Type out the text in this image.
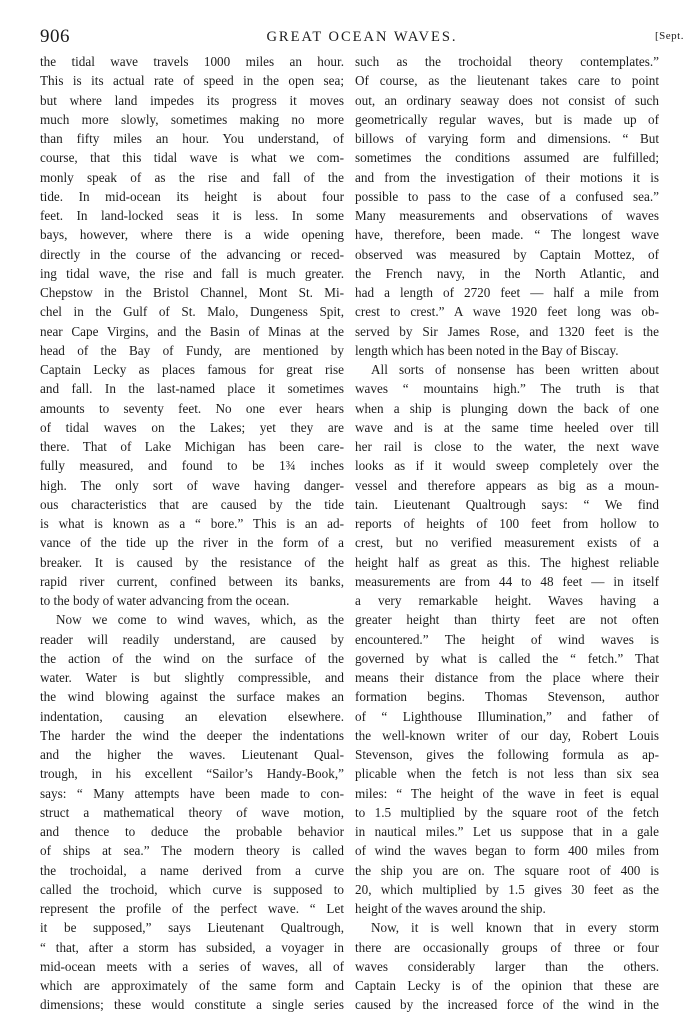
906	GREAT OCEAN WAVES.	[Sept.
the tidal wave travels 1000 miles an hour.
This is its actual rate of speed in the open sea;
but where land impedes its progress it moves
much more slowly, sometimes making no more
than fifty miles an hour. You understand, of
course, that this tidal wave is what we com-
monly speak of as the rise and fall of the
tide. In mid-ocean its height is about four
feet. In land-locked seas it is less. In some
bays, however, where there is a wide opening
directly in the course of the advancing or reced-
ing tidal wave, the rise and fall is much greater.
Chepstow in the Bristol Channel, Mont St. Mi-
chel in the Gulf of St. Malo, Dungeness Spit,
near Cape Virgins, and the Basin of Minas at the
head of the Bay of Fundy, are mentioned by
Captain Lecky as places famous for great rise
and fall. In the last-named place it sometimes
amounts to seventy feet. No one ever hears
of tidal waves on the Lakes; yet they are
there. That of Lake Michigan has been care-
fully measured, and found to be 1¾ inches
high. The only sort of wave having danger-
ous characteristics that are caused by the tide
is what is known as a “ bore.” This is an ad-
vance of the tide up the river in the form of a
breaker. It is caused by the resistance of the
rapid river current, confined between its banks,
to the body of water advancing from the ocean.
Now we come to wind waves, which, as the
reader will readily understand, are caused by
the action of the wind on the surface of the
water. Water is but slightly compressible, and
the wind blowing against the surface makes an
indentation, causing an elevation elsewhere.
The harder the wind the deeper the indentations
and the higher the waves. Lieutenant Qual-
trough, in his excellent “Sailor’s Handy-Book,”
says: “ Many attempts have been made to con-
struct a mathematical theory of wave motion,
and thence to deduce the probable behavior
of ships at sea.” The modern theory is called
the trochoidal, a name derived from a curve
called the trochoid, which curve is supposed to
represent the profile of the perfect wave. “ Let
it be supposed,” says Lieutenant Qualtrough,
“ that, after a storm has subsided, a voyager in
mid-ocean meets with a series of waves, all of
which are approximately of the same form and
dimensions; these would constitute a single series
such as the trochoidal theory contemplates.”
Of course, as the lieutenant takes care to point
out, an ordinary seaway does not consist of such
geometrically regular waves, but is made up of
billows of varying form and dimensions. “ But
sometimes the conditions assumed are fulfilled;
and from the investigation of their motions it is
possible to pass to the case of a confused sea.”
Many measurements and observations of waves
have, therefore, been made. “ The longest wave
observed was measured by Captain Mottez, of
the French navy, in the North Atlantic, and
had a length of 2720 feet — half a mile from
crest to crest.” A wave 1920 feet long was ob-
served by Sir James Rose, and 1320 feet is the
length which has been noted in the Bay of Biscay.
All sorts of nonsense has been written about
waves “ mountains high.” The truth is that
when a ship is plunging down the back of one
wave and is at the same time heeled over till
her rail is close to the water, the next wave
looks as if it would sweep completely over the
vessel and therefore appears as big as a moun-
tain. Lieutenant Qualtrough says: “ We find
reports of heights of 100 feet from hollow to
crest, but no verified measurement exists of a
height half as great as this. The highest reliable
measurements are from 44 to 48 feet — in itself
a very remarkable height. Waves having a
greater height than thirty feet are not often
encountered.” The height of wind waves is
governed by what is called the “ fetch.” That
means their distance from the place where their
formation begins. Thomas Stevenson, author
of “ Lighthouse Illumination,” and father of
the well-known writer of our day, Robert Louis
Stevenson, gives the following formula as ap-
plicable when the fetch is not less than six sea
miles: “ The height of the wave in feet is equal
to 1.5 multiplied by the square root of the fetch
in nautical miles.” Let us suppose that in a gale
of wind the waves began to form 400 miles from
the ship you are on. The square root of 400 is
20, which multiplied by 1.5 gives 30 feet as the
height of the waves around the ship.
Now, it is well known that in every storm
there are occasionally groups of three or four
waves considerably larger than the others.
Captain Lecky is of the opinion that these are
caused by the increased force of the wind in the
